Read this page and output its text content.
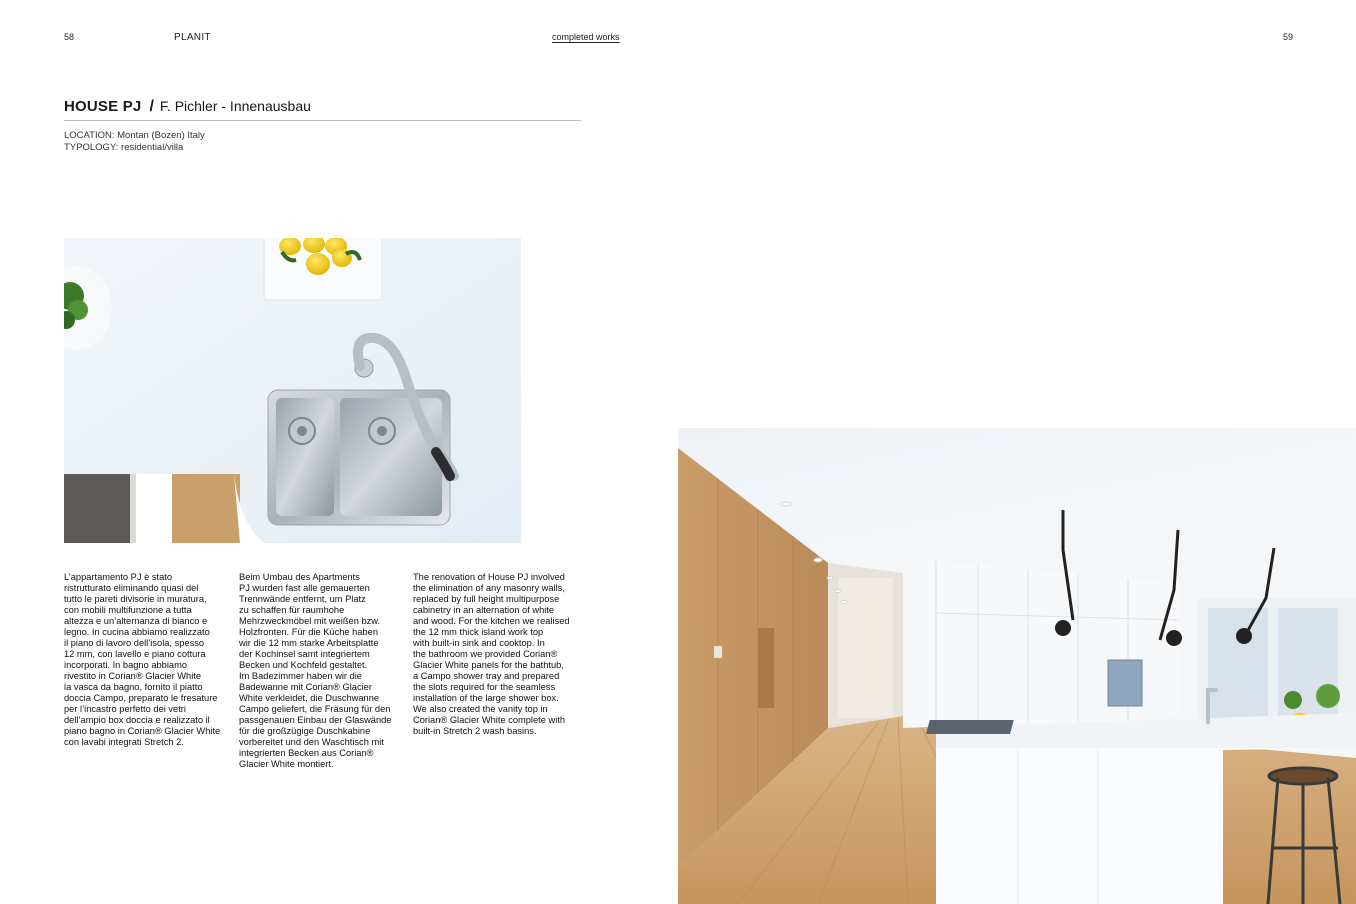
58	PLANIT	completed works	59
HOUSE PJ / F. Pichler - Innenausbau
LOCATION: Montan (Bozen) Italy
TYPOLOGY: residential/villa
L’appartamento PJ è stato
ristrutturato eliminando quasi del
tutto le pareti divisorie in muratura,
con mobili multifunzione a tutta
altezza e un’alternanza di bianco e
legno. In cucina abbiamo realizzato
il piano di lavoro dell’isola, spesso
12 mm, con lavello e piano cottura
incorporati. In bagno abbiamo
rivestito in Corian® Glacier White
la vasca da bagno, fornito il piatto
doccia Campo, preparato le fresature
per l’incastro perfetto dei vetri
dell’ampio box doccia e realizzato il
piano bagno in Corian® Glacier White
con lavabi integrati Stretch 2.
Beim Umbau des Apartments
PJ wurden fast alle gemauerten
Trennwände entfernt, um Platz
zu schaffen für raumhohe
Mehrzweckmöbel mit weißen bzw.
Holzfronten. Für die Küche haben
wir die 12 mm starke Arbeitsplatte
der Kochinsel samt integriertem
Becken und Kochfeld gestaltet.
Im Badezimmer haben wir die
Badewanne mit Corian® Glacier
White verkleidet, die Duschwanne
Campo geliefert, die Fräsung für den
passgenauen Einbau der Glaswände
für die großzügige Duschkabine
vorbereitet und den Waschtisch mit
integrierten Becken aus Corian®
Glacier White montiert.
The renovation of House PJ involved
the elimination of any masonry walls,
replaced by full height multipurpose
cabinetry in an alternation of white
and wood. For the kitchen we realised
the 12 mm thick island work top
with built-in sink and cooktop. In
the bathroom we provided Corian®
Glacier White panels for the bathtub,
a Campo shower tray and prepared
the slots required for the seamless
installation of the large shower box.
We also created the vanity top in
Corian® Glacier White complete with
built-in Stretch 2 wash basins.
